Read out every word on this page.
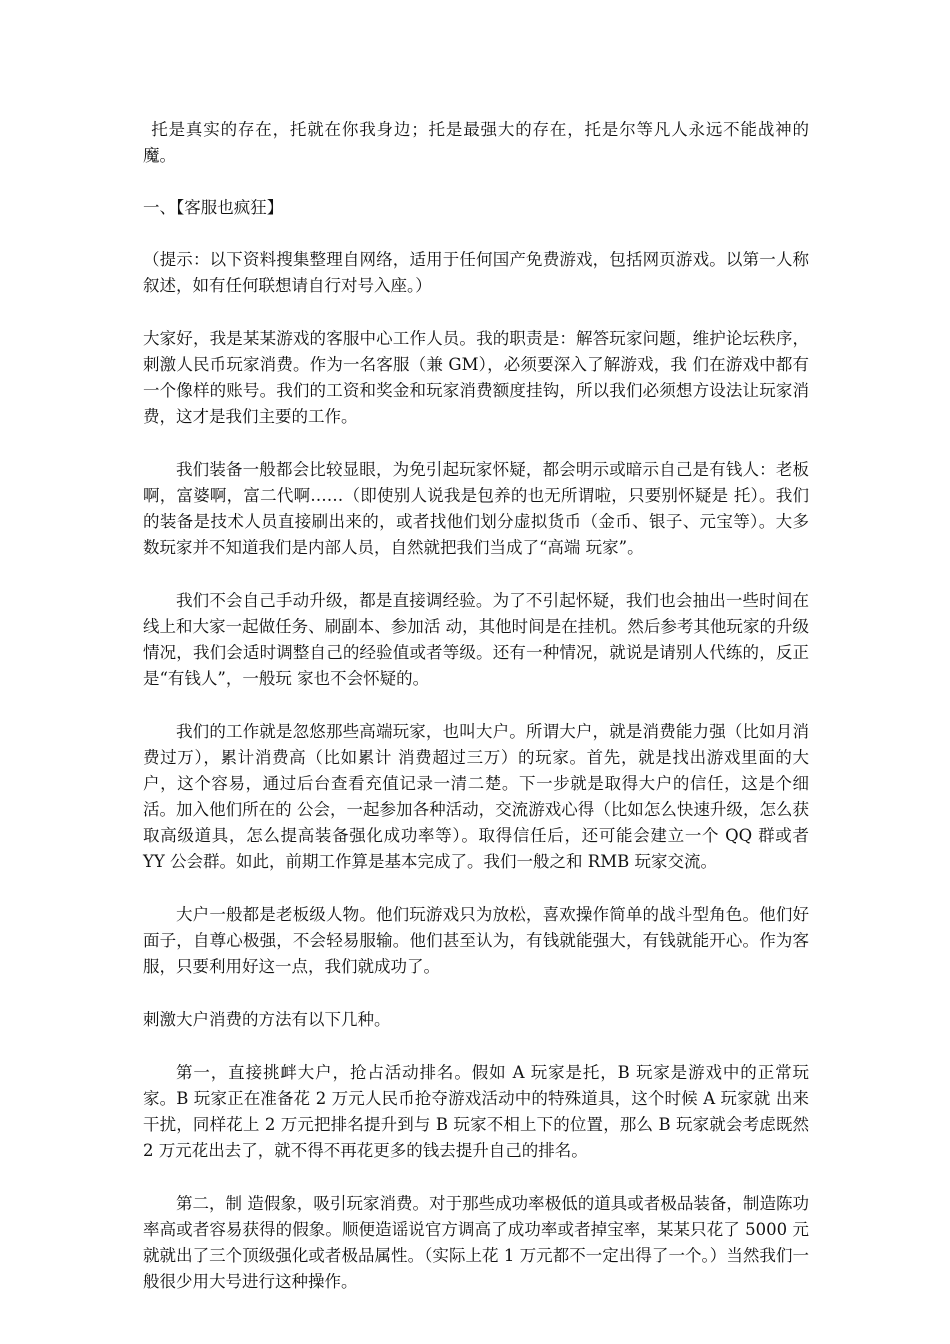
托是真实的存在，托就在你我身边；托是最强大的存在，托是尔等凡人永远不能战神的魔。

一、【客服也疯狂】

（提示：以下资料搜集整理自网络，适用于任何国产免费游戏，包括网页游戏。以第一人称叙述，如有任何联想请自行对号入座。）

大家好，我是某某游戏的客服中心工作人员。我的职责是：解答玩家问题，维护论坛秩序，刺激人民币玩家消费。作为一名客服（兼 GM），必须要深入了解游戏，我 们在游戏中都有一个像样的账号。我们的工资和奖金和玩家消费额度挂钩，所以我们必须想方设法让玩家消费，这才是我们主要的工作。

我们装备一般都会比较显眼，为免引起玩家怀疑，都会明示或暗示自己是有钱人：老板啊，富婆啊，富二代啊……（即使别人说我是包养的也无所谓啦，只要别怀疑是 托）。我们的装备是技术人员直接刷出来的，或者找他们划分虚拟货币（金币、银子、元宝等）。大多数玩家并不知道我们是内部人员，自然就把我们当成了“高端 玩家”。

我们不会自己手动升级，都是直接调经验。为了不引起怀疑，我们也会抽出一些时间在线上和大家一起做任务、刷副本、参加活 动，其他时间是在挂机。然后参考其他玩家的升级情况，我们会适时调整自己的经验值或者等级。还有一种情况，就说是请别人代练的，反正是“有钱人”，一般玩 家也不会怀疑的。

我们的工作就是忽悠那些高端玩家，也叫大户。所谓大户，就是消费能力强（比如月消费过万），累计消费高（比如累计 消费超过三万）的玩家。首先，就是找出游戏里面的大户，这个容易，通过后台查看充值记录一清二楚。下一步就是取得大户的信任，这是个细活。加入他们所在的 公会，一起参加各种活动，交流游戏心得（比如怎么快速升级，怎么获取高级道具，怎么提高装备强化成功率等）。取得信任后，还可能会建立一个 QQ 群或者 YY 公会群。如此，前期工作算是基本完成了。我们一般之和 RMB 玩家交流。

大户一般都是老板级人物。他们玩游戏只为放松，喜欢操作简单的战斗型角色。他们好面子，自尊心极强，不会轻易服输。他们甚至认为，有钱就能强大，有钱就能开心。作为客服，只要利用好这一点，我们就成功了。

刺激大户消费的方法有以下几种。

第一，直接挑衅大户，抢占活动排名。假如 A 玩家是托，B 玩家是游戏中的正常玩家。B 玩家正在准备花 2 万元人民币抢夺游戏活动中的特殊道具，这个时候 A 玩家就 出来干扰，同样花上 2 万元把排名提升到与 B 玩家不相上下的位置，那么 B 玩家就会考虑既然 2 万元花出去了，就不得不再花更多的钱去提升自己的排名。

第二，制 造假象，吸引玩家消费。对于那些成功率极低的道具或者极品装备，制造陈功率高或者容易获得的假象。顺便造谣说官方调高了成功率或者掉宝率，某某只花了 5000 元就就出了三个顶级强化或者极品属性。（实际上花 1 万元都不一定出得了一个。）当然我们一般很少用大号进行这种操作。
